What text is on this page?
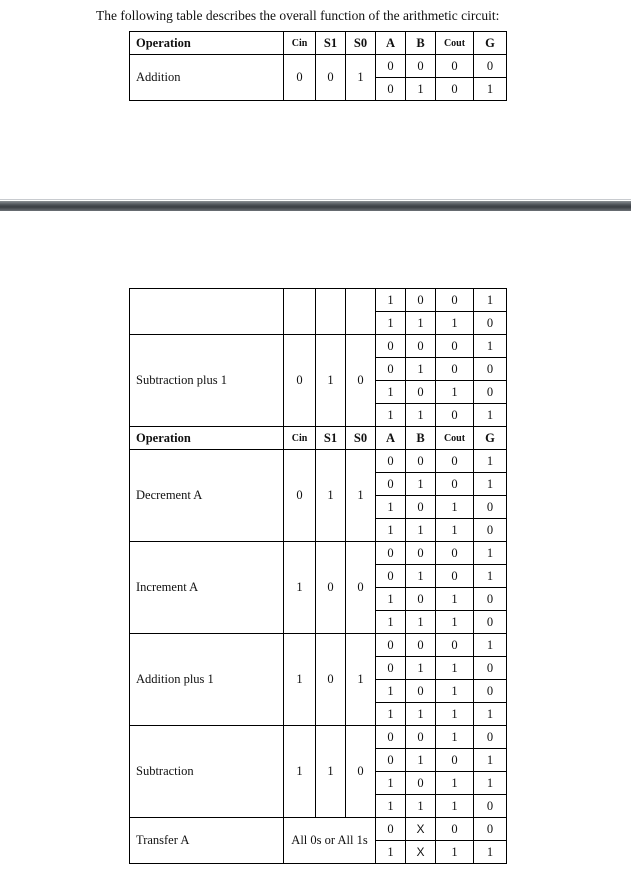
The following table describes the overall function of the arithmetic circuit:
Operation	Cin	S1	S0	A	B	Cout	G
Addition	0	0	1	0	0	0	0
				0	1	0	1
				1	0	0	1
				1	1	1	0
Subtraction plus 1	0	1	0	0	0	0	1
				0	1	0	0
				1	0	1	0
				1	1	0	1
Operation	Cin	S1	S0	A	B	Cout	G
Decrement A	0	1	1	0	0	0	1
				0	1	0	1
				1	0	1	0
				1	1	1	0
Increment A	1	0	0	0	0	0	1
				0	1	0	1
				1	0	1	0
				1	1	1	0
Addition plus 1	1	0	1	0	0	0	1
				0	1	1	0
				1	0	1	0
				1	1	1	1
Subtraction	1	1	0	0	0	1	0
				0	1	0	1
				1	0	1	1
				1	1	1	0
Transfer A	All 0s or All 1s			0	X	0	0
				1	X	1	1
